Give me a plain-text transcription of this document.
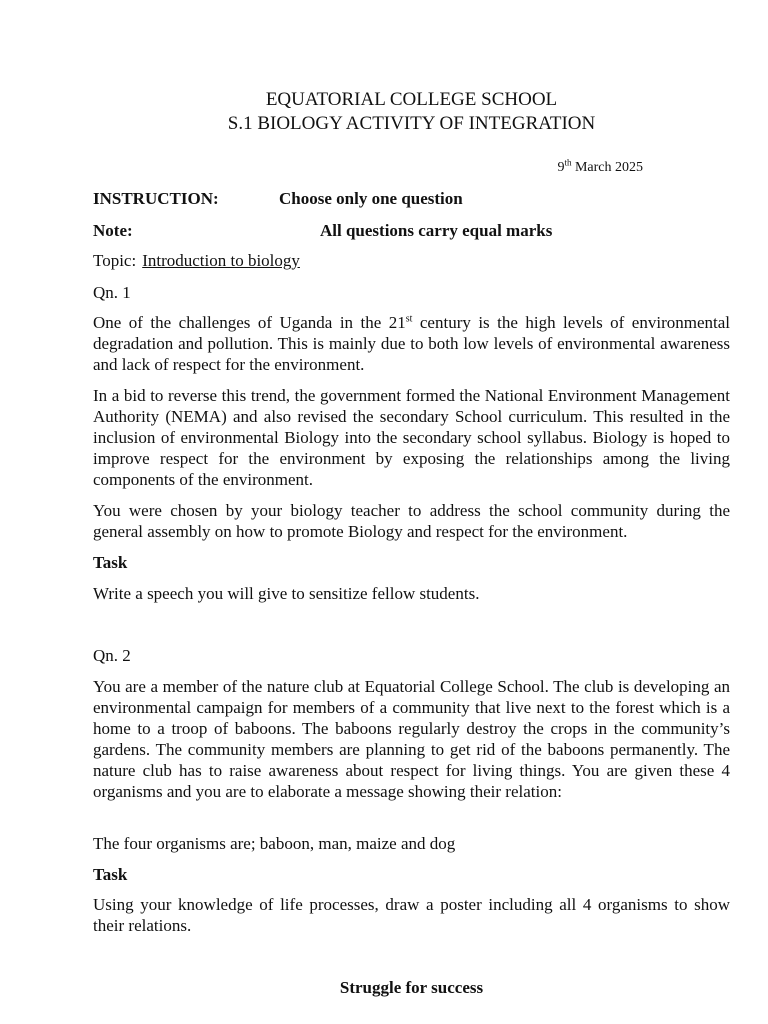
EQUATORIAL COLLEGE SCHOOL
S.1 BIOLOGY ACTIVITY OF INTEGRATION
9th March 2025
INSTRUCTION:	Choose only one question
Note:	All questions carry equal marks
Topic: Introduction to biology
Qn. 1
One of the challenges of Uganda in the 21st century is the high levels of environmental degradation and pollution. This is mainly due to both low levels of environmental awareness and lack of respect for the environment.
In a bid to reverse this trend, the government formed the National Environment Management Authority (NEMA) and also revised the secondary School curriculum. This resulted in the inclusion of environmental Biology into the secondary school syllabus. Biology is hoped to improve respect for the environment by exposing the relationships among the living components of the environment.
You were chosen by your biology teacher to address the school community during the general assembly on how to promote Biology and respect for the environment.
Task
Write a speech you will give to sensitize fellow students.
Qn. 2
You are a member of the nature club at Equatorial College School. The club is developing an environmental campaign for members of a community that live next to the forest which is a home to a troop of baboons. The baboons regularly destroy the crops in the community’s gardens. The community members are planning to get rid of the baboons permanently. The nature club has to raise awareness about respect for living things. You are given these 4 organisms and you are to elaborate a message showing their relation:
The four organisms are; baboon, man, maize and dog
Task
Using your knowledge of life processes, draw a poster including all 4 organisms to show their relations.
Struggle for success
